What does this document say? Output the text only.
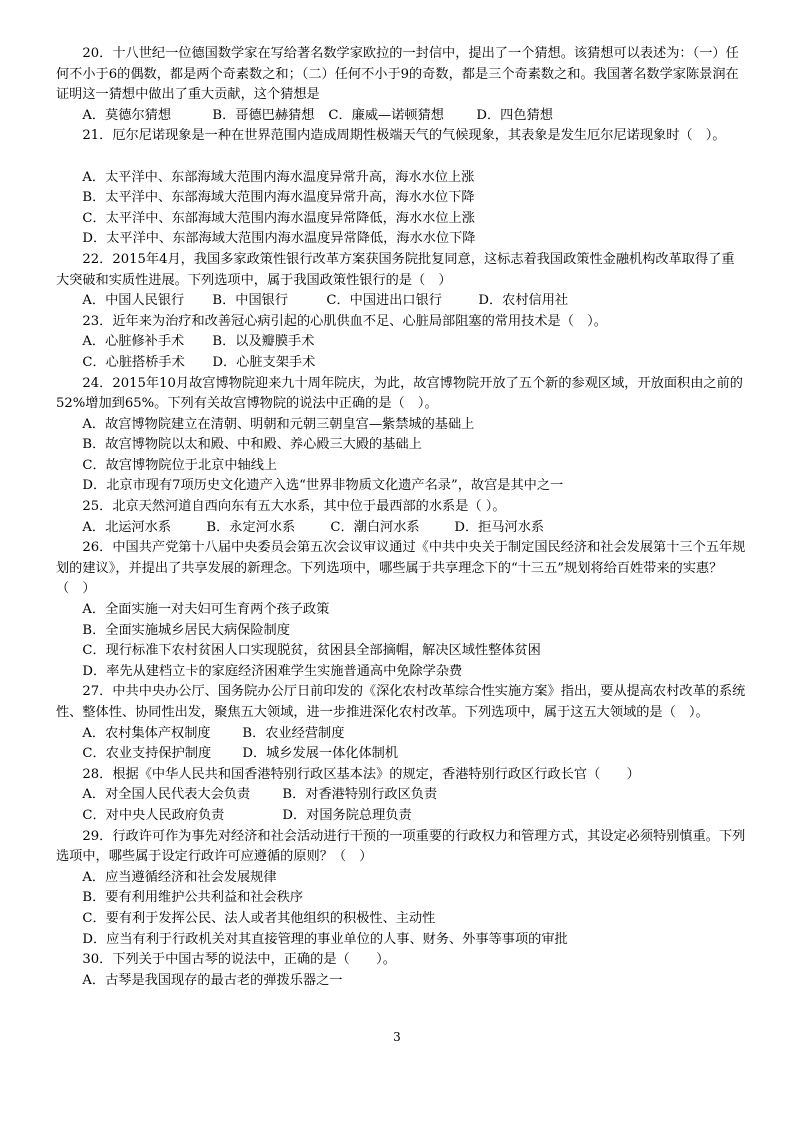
20．十八世纪一位德国数学家在写给著名数学家欧拉的一封信中，提出了一个猜想。该猜想可以表述为：（一）任何不小于6的偶数，都是两个奇素数之和；（二）任何不小于9的奇数，都是三个奇素数之和。我国著名数学家陈景润在证明这一猜想中做出了重大贡献，这个猜想是

A．莫德尔猜想	B．哥德巴赫猜想	C．廉威—诺顿猜想	D．四色猜想

21．厄尔尼诺现象是一种在世界范围内造成周期性极端天气的气候现象，其表象是发生厄尔尼诺现象时（　）。

A．太平洋中、东部海域大范围内海水温度异常升高，海水水位上涨

B．太平洋中、东部海域大范围内海水温度异常升高，海水水位下降

C．太平洋中、东部海域大范围内海水温度异常降低，海水水位上涨

D．太平洋中、东部海域大范围内海水温度异常降低，海水水位下降

22．2015年4月，我国多家政策性银行改革方案获国务院批复同意，这标志着我国政策性金融机构改革取得了重大突破和实质性进展。下列选项中，属于我国政策性银行的是（　）

A．中国人民银行	B．中国银行	C．中国进出口银行	D．农村信用社

23．近年来为治疗和改善冠心病引起的心肌供血不足、心脏局部阻塞的常用技术是（　）。

A．心脏修补手术	B．以及瓣膜手术
C．心脏搭桥手术	D．心脏支架手术

24．2015年10月故宫博物院迎来九十周年院庆，为此，故宫博物院开放了五个新的参观区域，开放面积由之前的52%增加到65%。下列有关故宫博物院的说法中正确的是（　）。

A．故宫博物院建立在清朝、明朝和元朝三朝皇宫—紫禁城的基础上

B．故宫博物院以太和殿、中和殿、养心殿三大殿的基础上

C．故宫博物院位于北京中轴线上

D．北京市现有7项历史文化遗产入选“世界非物质文化遗产名录”，故宫是其中之一

25．北京天然河道自西向东有五大水系，其中位于最西部的水系是（ ）。

A．北运河水系	B．永定河水系	C．潮白河水系	D．拒马河水系

26．中国共产党第十八届中央委员会第五次会议审议通过《中共中央关于制定国民经济和社会发展第十三个五年规划的建议》，并提出了共享发展的新理念。下列选项中，哪些属于共享理念下的“十三五”规划将给百姓带来的实惠？（　）

A．全面实施一对夫妇可生育两个孩子政策

B．全面实施城乡居民大病保险制度

C．现行标准下农村贫困人口实现脱贫，贫困县全部摘帽，解决区域性整体贫困

D．率先从建档立卡的家庭经济困难学生实施普通高中免除学杂费

27．中共中央办公厅、国务院办公厅日前印发的《深化农村改革综合性实施方案》指出，要从提高农村改革的系统性、整体性、协同性出发，聚焦五大领域，进一步推进深化农村改革。下列选项中，属于这五大领域的是（　）。

A．农村集体产权制度	B．农业经营制度
C．农业支持保护制度	D．城乡发展一体化体制机

28．根据《中华人民共和国香港特别行政区基本法》的规定，香港特别行政区行政长官（　　）

A．对全国人民代表大会负责	B．对香港特别行政区负责
C．对中央人民政府负责	D．对国务院总理负责

29．行政许可作为事先对经济和社会活动进行干预的一项重要的行政权力和管理方式，其设定必须特别慎重。下列选项中，哪些属于设定行政许可应遵循的原则？（　）

A．应当遵循经济和社会发展规律

B．要有利用维护公共利益和社会秩序

C．要有利于发挥公民、法人或者其他组织的积极性、主动性

D．应当有利于行政机关对其直接管理的事业单位的人事、财务、外事等事项的审批

30．下列关于中国古琴的说法中，正确的是（　　）。

A．古琴是我国现存的最古老的弹拨乐器之一

3
